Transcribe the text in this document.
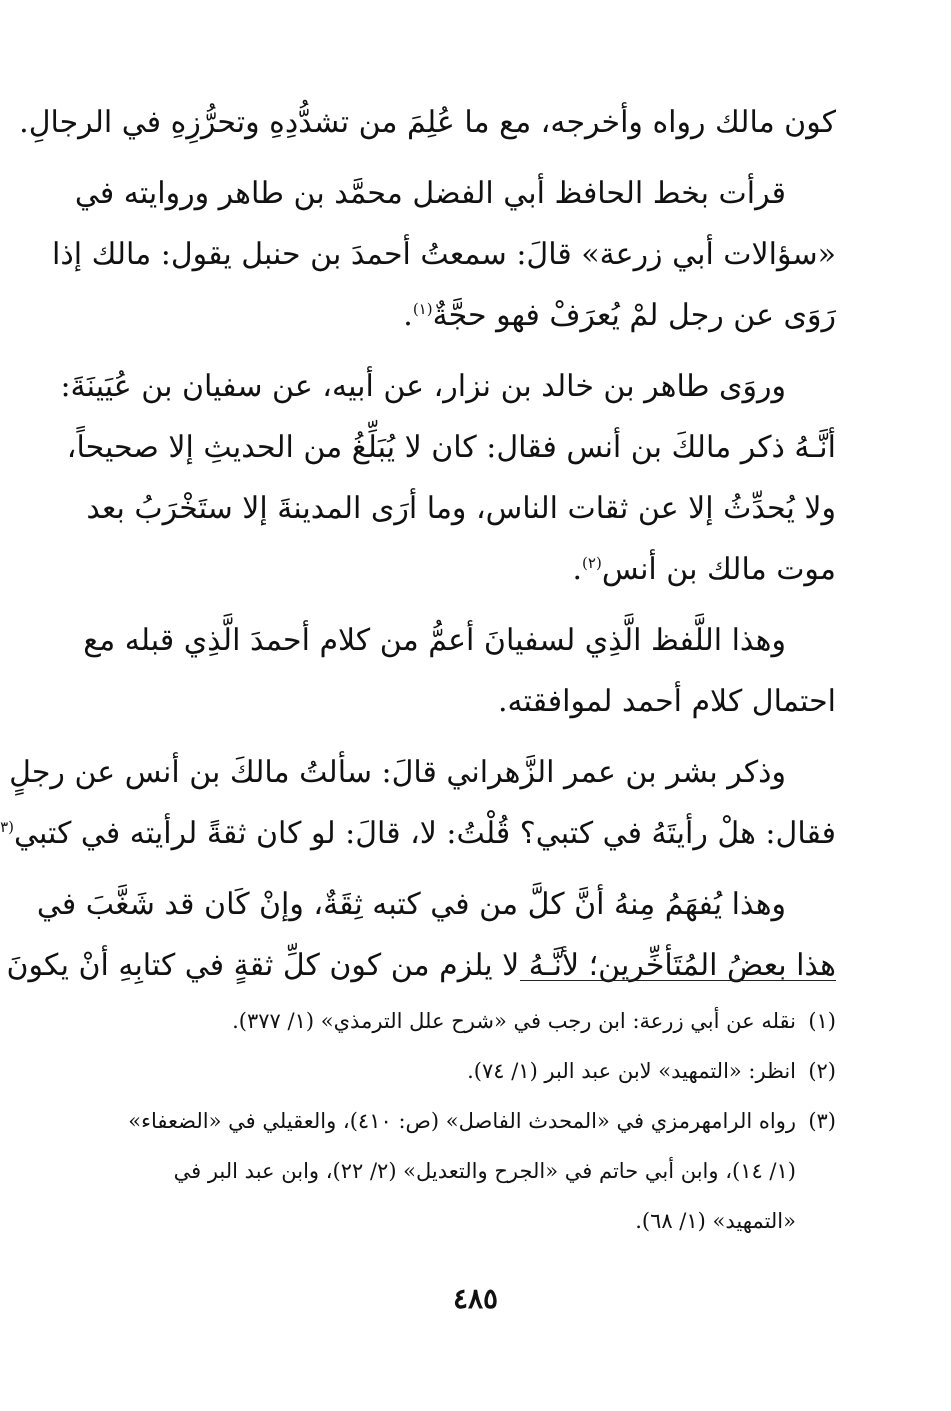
كون مالك رواه وأخرجه، مع ما عُلِمَ من تشدُّدِهِ وتحرُّزِهِ في الرجالِ.

قرأت بخط الحافظ أبي الفضل محمَّد بن طاهر وروايته في
«سؤالات أبي زرعة» قالَ: سمعتُ أحمدَ بن حنبل يقول: مالك إذا
رَوَى عن رجل لمْ يُعرَفْ فهو حجَّةٌ$^{(١)}$.

وروَى طاهر بن خالد بن نزار، عن أبيه، عن سفيان بن عُيَينَةَ:
أنَّـهُ ذكر مالكَ بن أنس فقال: كان لا يُبَلِّغُ من الحديثِ إلا صحيحاً،
ولا يُحدِّثُ إلا عن ثقات الناس، وما أرَى المدينةَ إلا ستَخْرَبُ بعد
موت مالك بن أنس$^{(٢)}$.

وهذا اللَّفظ الَّذِي لسفيانَ أعمُّ من كلام أحمدَ الَّذِي قبله مع
احتمال كلام أحمد لموافقته.

وذكر بشر بن عمر الزَّهراني قالَ: سألتُ مالكَ بن أنس عن رجلٍ
فقال: هلْ رأيتَهُ في كتبي؟ قُلْتُ: لا، قالَ: لو كان ثقةً لرأيته في كتبي$^{(٣}$

وهذا يُفهَمُ مِنهُ أنَّ كلَّ من في كتبه ثِقَةٌ، وإنْ كَان قد شَغَّبَ في
هذا بعضُ المُتَأخِّرين؛ لأنَّـهُ لا يلزم من كون كلِّ ثقةٍ في كتابِهِ أنْ يكونَ

(١)
نقله عن أبي زرعة: ابن رجب في «شرح علل الترمذي» (١/ ٣٧٧).
(٢)
انظر: «التمهيد» لابن عبد البر (١/ ٧٤).
(٣)
رواه الرامهرمزي في «المحدث الفاصل» (ص: ٤١٠)، والعقيلي في «الضعفاء»
(١/ ١٤)، وابن أبي حاتم في «الجرح والتعديل» (٢/ ٢٢)، وابن عبد البر في
«التمهيد» (١/ ٦٨).
٤٨٥
